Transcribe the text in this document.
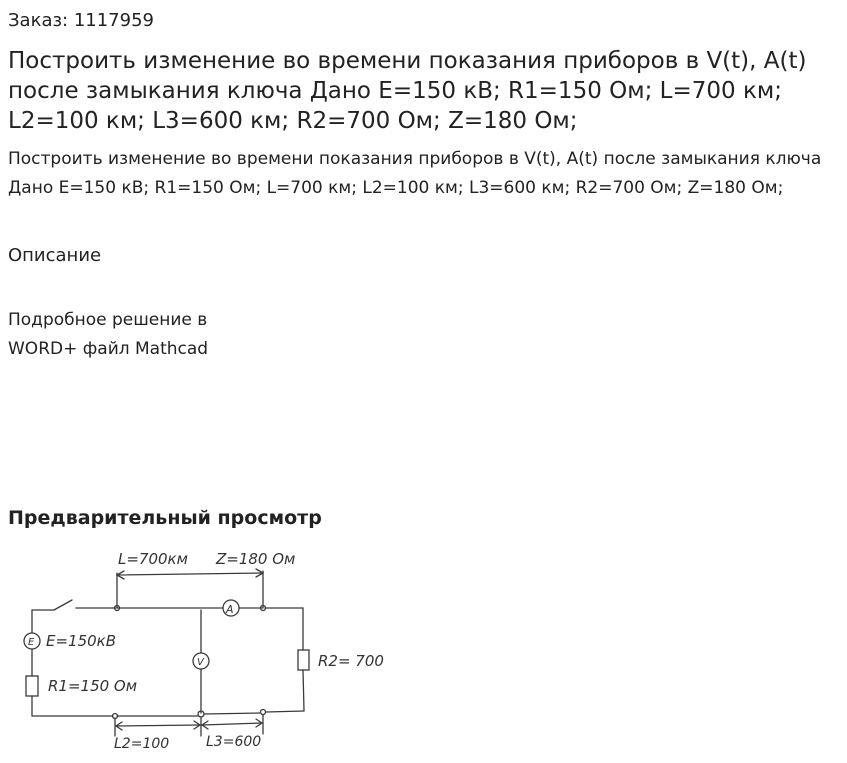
Заказ: 1117959
Построить изменение во времени показания приборов в V(t), A(t) после замыкания ключа Дано E=150 кВ; R1=150 Ом; L=700 км; L2=100 км; L3=600 км; R2=700 Ом; Z=180 Ом;

Построить изменение во времени показания приборов в V(t), A(t) после замыкания ключа Дано E=150 кВ; R1=150 Ом; L=700 км; L2=100 км; L3=600 км; R2=700 Ом; Z=180 Ом;

Описание
Подробное решение в
WORD+ файл Mathcad
Предварительный просмотр
L=700км Z=180 Ом
A
V
E E=150кВ
R1=150 Ом
R2= 700
L2=100	L3=600
